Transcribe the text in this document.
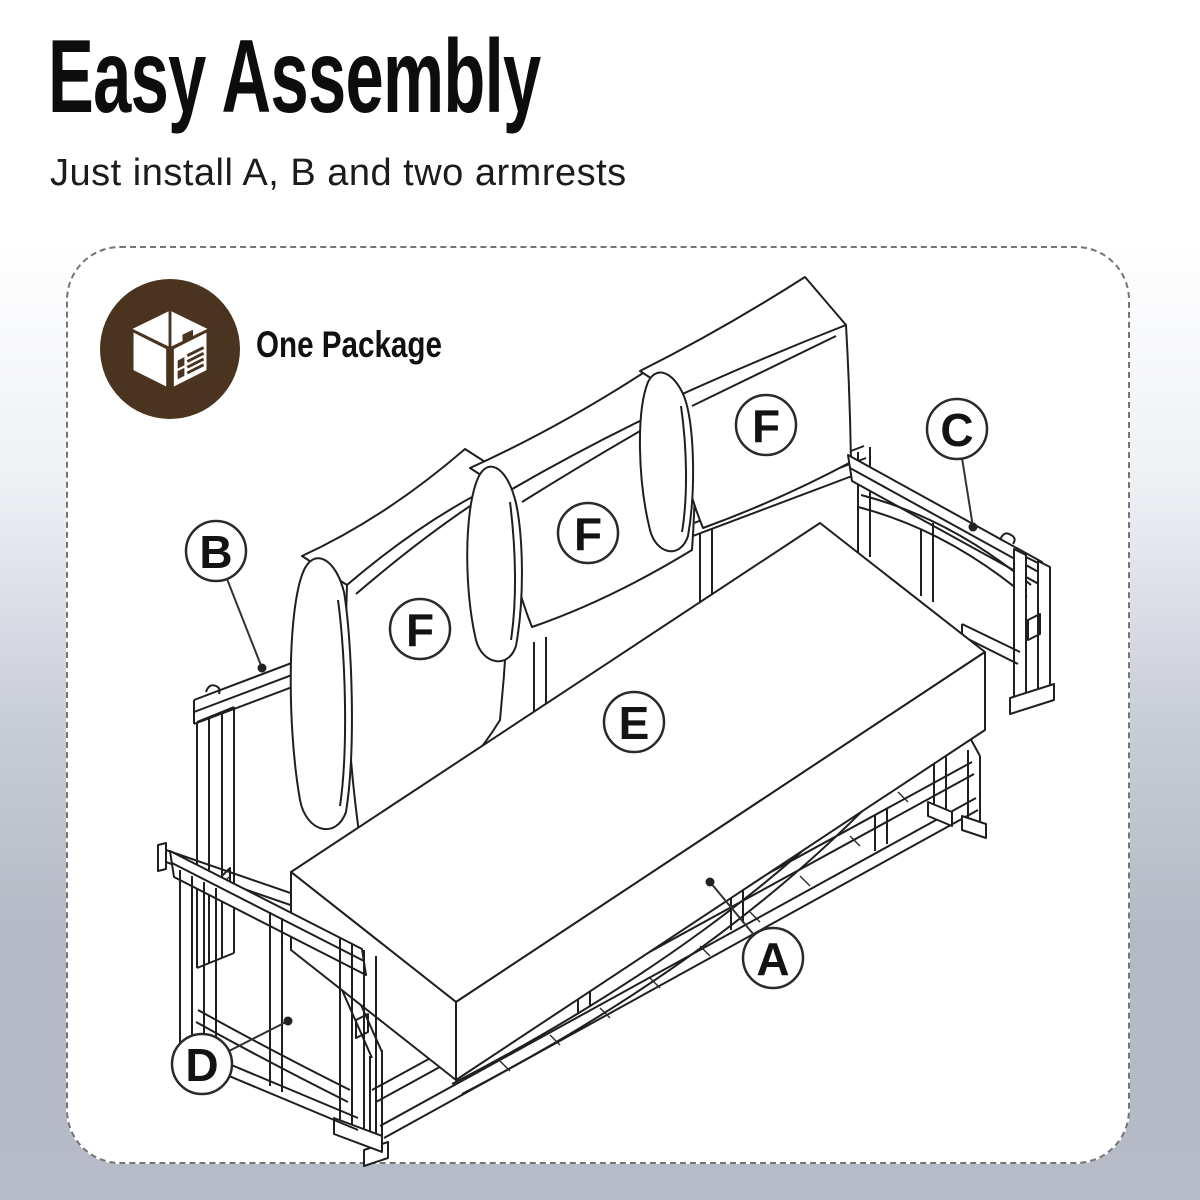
Easy Assembly
Just install A, B and two armrests
One Package
B
C
F
F
F
E
A
D
